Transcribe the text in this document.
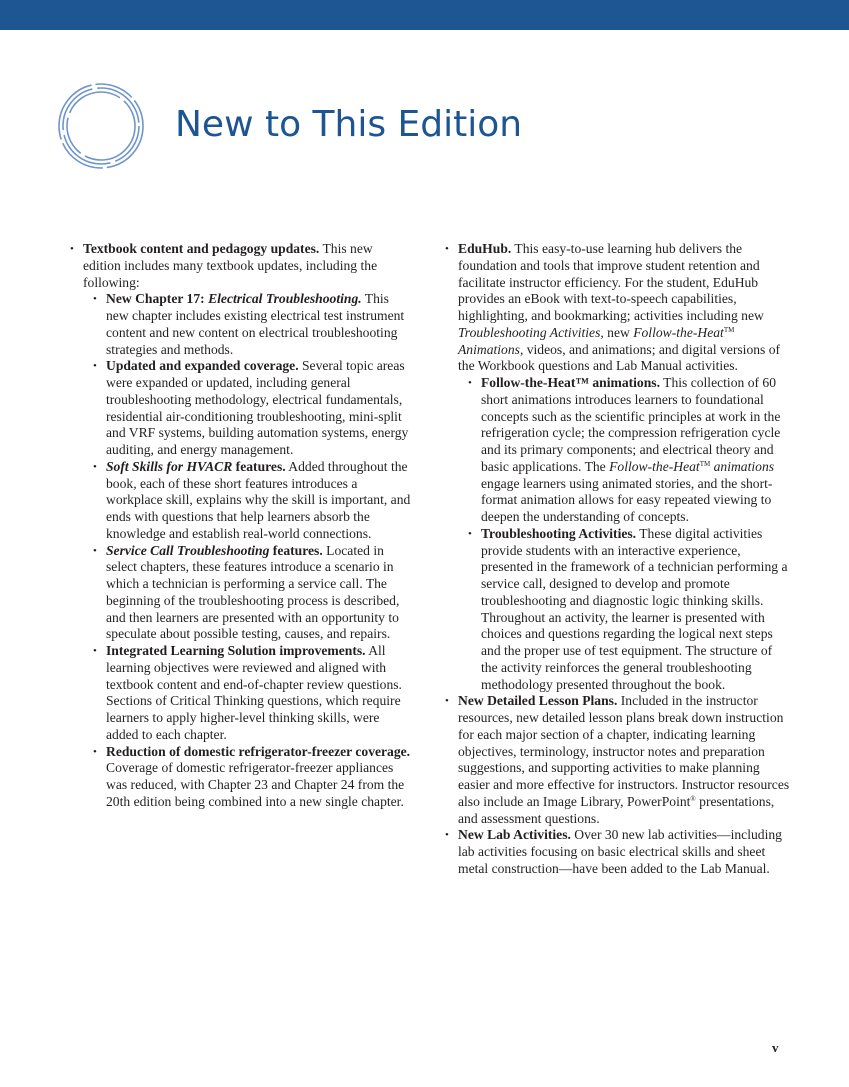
New to This Edition
• Textbook content and pedagogy updates. This new edition includes many textbook updates, including the following:
• New Chapter 17: Electrical Troubleshooting. This new chapter includes existing electrical test instrument content and new content on electrical troubleshooting strategies and methods.
• Updated and expanded coverage. Several topic areas were expanded or updated, including general troubleshooting methodology, electrical fundamentals, residential air-conditioning troubleshooting, mini-split and VRF systems, building automation systems, energy auditing, and energy management.
• Soft Skills for HVACR features. Added throughout the book, each of these short features introduces a workplace skill, explains why the skill is important, and ends with questions that help learners absorb the knowledge and establish real-world connections.
• Service Call Troubleshooting features. Located in select chapters, these features introduce a scenario in which a technician is performing a service call. The beginning of the troubleshooting process is described, and then learners are presented with an opportunity to speculate about possible testing, causes, and repairs.
• Integrated Learning Solution improvements. All learning objectives were reviewed and aligned with textbook content and end-of-chapter review questions. Sections of Critical Thinking questions, which require learners to apply higher-level thinking skills, were added to each chapter.
• Reduction of domestic refrigerator-freezer coverage. Coverage of domestic refrigerator-freezer appliances was reduced, with Chapter 23 and Chapter 24 from the 20th edition being combined into a new single chapter.
• EduHub. This easy-to-use learning hub delivers the foundation and tools that improve student retention and facilitate instructor efficiency. For the student, EduHub provides an eBook with text-to-speech capabilities, highlighting, and bookmarking; activities including new Troubleshooting Activities, new Follow-the-Heat™ Animations, videos, and animations; and digital versions of the Workbook questions and Lab Manual activities.
• Follow-the-Heat™ animations. This collection of 60 short animations introduces learners to foundational concepts such as the scientific principles at work in the refrigeration cycle; the compression refrigeration cycle and its primary components; and electrical theory and basic applications. The Follow-the-Heat™ animations engage learners using animated stories, and the short-format animation allows for easy repeated viewing to deepen the understanding of concepts.
• Troubleshooting Activities. These digital activities provide students with an interactive experience, presented in the framework of a technician performing a service call, designed to develop and promote troubleshooting and diagnostic logic thinking skills. Throughout an activity, the learner is presented with choices and questions regarding the logical next steps and the proper use of test equipment. The structure of the activity reinforces the general troubleshooting methodology presented throughout the book.
• New Detailed Lesson Plans. Included in the instructor resources, new detailed lesson plans break down instruction for each major section of a chapter, indicating learning objectives, terminology, instructor notes and preparation suggestions, and supporting activities to make planning easier and more effective for instructors. Instructor resources also include an Image Library, PowerPoint® presentations, and assessment questions.
• New Lab Activities. Over 30 new lab activities—including lab activities focusing on basic electrical skills and sheet metal construction—have been added to the Lab Manual.
v
